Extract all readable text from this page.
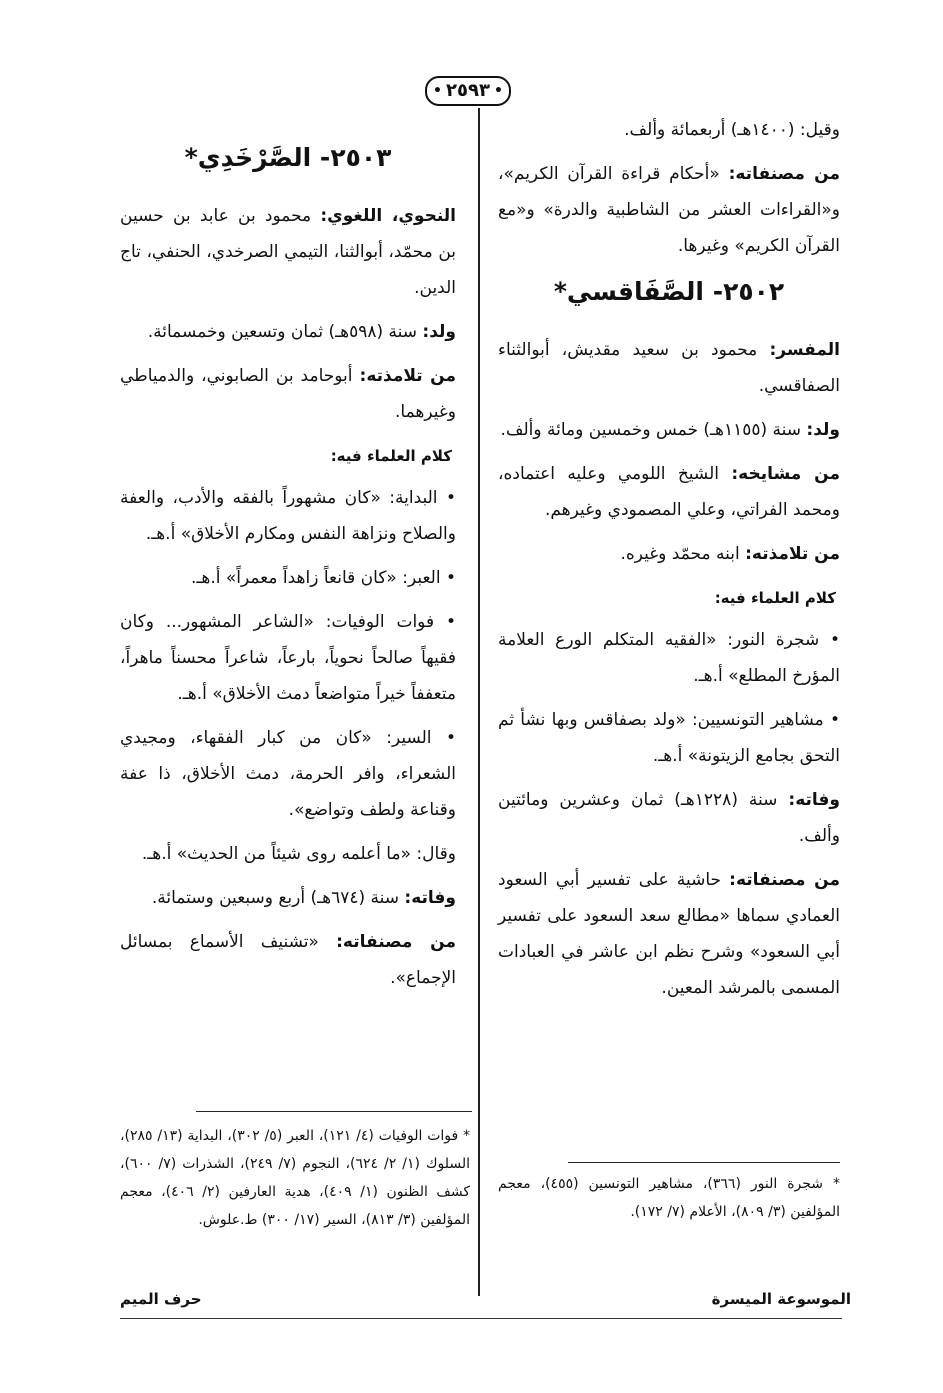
• ٢٥٩٣ •

وقيل: (١٤٠٠هـ) أربعمائة وألف.

من مصنفاته: «أحكام قراءة القرآن الكريم»، و«القراءات العشر من الشاطبية والدرة» و«مع القرآن الكريم» وغيرها.

٢٥٠٢- الصَّفَاقسي*

المفسر: محمود بن سعيد مقديش، أبوالثناء الصفاقسي.

ولد: سنة (١١٥٥هـ) خمس وخمسين ومائة وألف.

من مشايخه: الشيخ اللومي وعليه اعتماده، ومحمد الفراتي، وعلي المصمودي وغيرهم.

من تلامذته: ابنه محمّد وغيره.

كلام العلماء فيه:

• شجرة النور: «الفقيه المتكلم الورع العلامة المؤرخ المطلع» أ.هـ.

• مشاهير التونسيين: «ولد بصفاقس وبها نشأ ثم التحق بجامع الزيتونة» أ.هـ.

وفاته: سنة (١٢٢٨هـ) ثمان وعشرين ومائتين وألف.

من مصنفاته: حاشية على تفسير أبي السعود العمادي سماها «مطالع سعد السعود على تفسير أبي السعود» وشرح نظم ابن عاشر في العبادات المسمى بالمرشد المعين.

٢٥٠٣- الصَّرْخَدِي*

النحوي، اللغوي: محمود بن عابد بن حسين بن محمّد، أبوالثنا، التيمي الصرخدي، الحنفي، تاج الدين.

ولد: سنة (٥٩٨هـ) ثمان وتسعين وخمسمائة.

من تلامذته: أبوحامد بن الصابوني، والدمياطي وغيرهما.

كلام العلماء فيه:

• البداية: «كان مشهوراً بالفقه والأدب، والعفة والصلاح ونزاهة النفس ومكارم الأخلاق» أ.هـ.

• العبر: «كان قانعاً زاهداً معمراً» أ.هـ.

• فوات الوفيات: «الشاعر المشهور... وكان فقيهاً صالحاً نحوياً، بارعاً، شاعراً محسناً ماهراً، متعففاً خيراً متواضعاً دمث الأخلاق» أ.هـ.

• السير: «كان من كبار الفقهاء، ومجيدي الشعراء، وافر الحرمة، دمث الأخلاق، ذا عفة وقناعة ولطف وتواضع».

وقال: «ما أعلمه روى شيئاً من الحديث» أ.هـ.

وفاته: سنة (٦٧٤هـ) أربع وسبعين وستمائة.

من مصنفاته: «تشنيف الأسماع بمسائل الإجماع».

* فوات الوفيات (٤/ ١٢١)، العبر (٥/ ٣٠٢)، البداية (١٣/ ٢٨٥)، السلوك (١/ ٢/ ٦٢٤)، النجوم (٧/ ٢٤٩)، الشذرات (٧/ ٦٠٠)، كشف الظنون (١/ ٤٠٩)، هدية العارفين (٢/ ٤٠٦)، معجم المؤلفين (٣/ ٨١٣)، السير (١٧/ ٣٠٠) ط.علوش.
* شجرة النور (٣٦٦)، مشاهير التونسين (٤٥٥)، معجم المؤلفين (٣/ ٨٠٩)، الأعلام (٧/ ١٧٢).
الموسوعة الميسرة
حرف الميم
